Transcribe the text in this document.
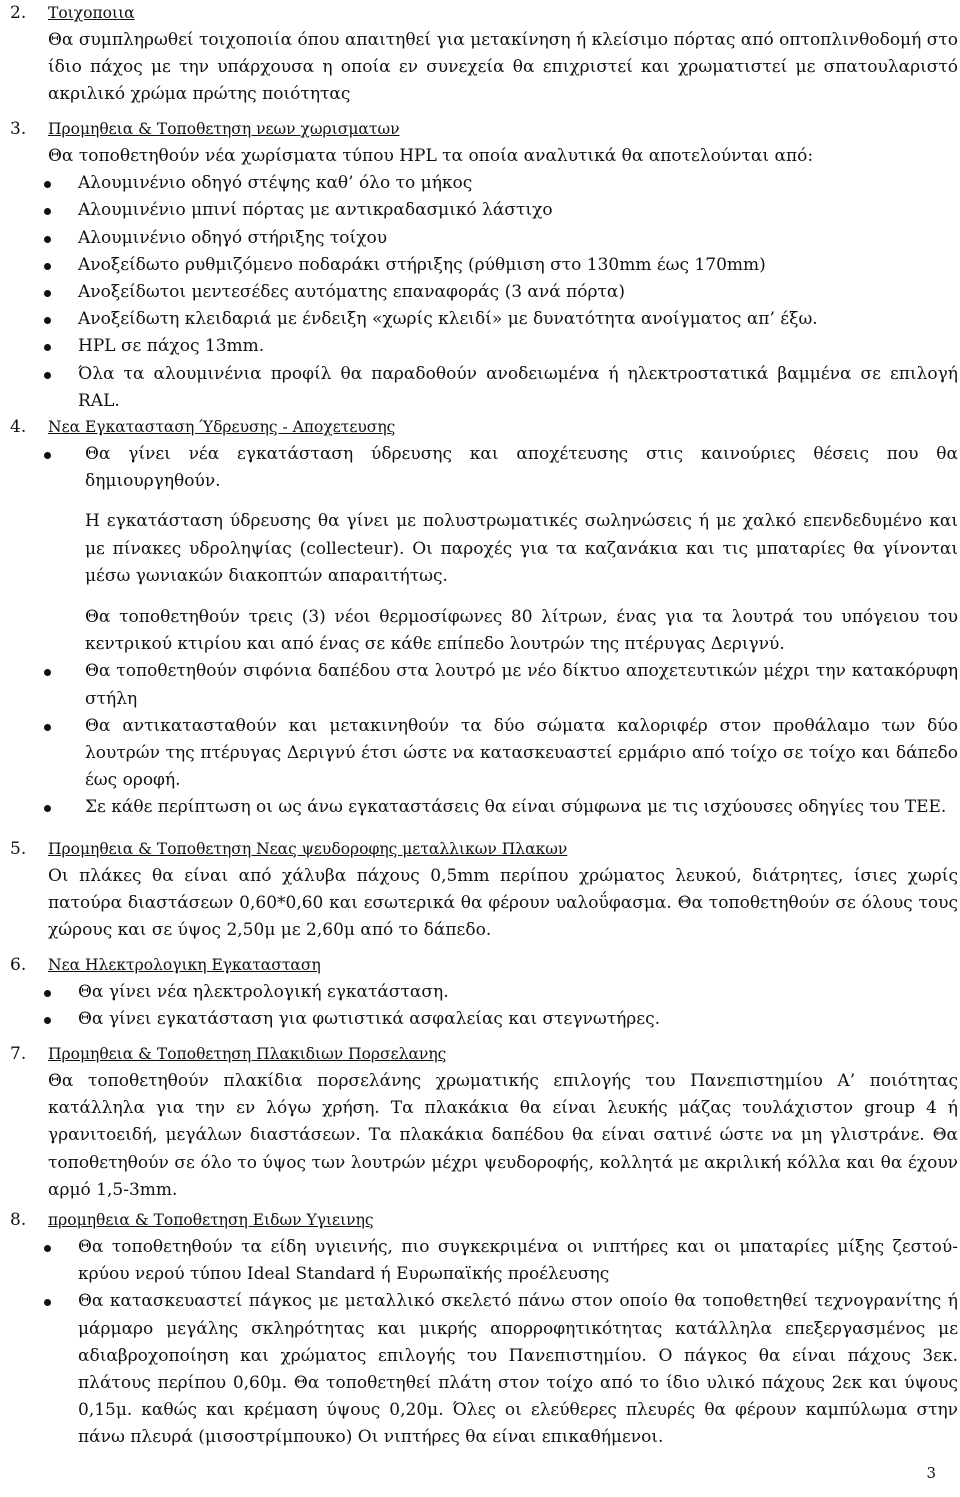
2. Τοιχοποιια
Θα συμπληρωθεί τοιχοποιία όπου απαιτηθεί για μετακίνηση ή κλείσιμο πόρτας από οπτοπλινθοδομή στο ίδιο πάχος με την υπάρχουσα η οποία εν συνεχεία θα επιχριστεί και χρωματιστεί με σπατουλαριστό ακριλικό χρώμα πρώτης ποιότητας
3. Προμηθεια & Τοποθετηση νεων χωρισματων
Θα τοποθετηθούν νέα χωρίσματα τύπου HPL τα οποία αναλυτικά θα αποτελούνται από:
Αλουμινένιο οδηγό στέψης καθ’ όλο το μήκος
Αλουμινένιο μπινί πόρτας με αντικραδασμικό λάστιχο
Αλουμινένιο οδηγό στήριξης τοίχου
Ανοξείδωτο ρυθμιζόμενο ποδαράκι στήριξης (ρύθμιση στο 130mm έως 170mm)
Ανοξείδωτοι μεντεσέδες αυτόματης επαναφοράς (3 ανά πόρτα)
Ανοξείδωτη κλειδαριά με ένδειξη «χωρίς κλειδί» με δυνατότητα ανοίγματος απ’ έξω.
HPL σε πάχος 13mm.
Όλα τα αλουμινένια προφίλ θα παραδοθούν ανοδειωμένα ή ηλεκτροστατικά βαμμένα σε επιλογή RAL.
4. Νεα Εγκατασταση Ύδρευσης - Αποχετευσης
Θα γίνει νέα εγκατάσταση ύδρευσης και αποχέτευσης στις καινούριες θέσεις που θα δημιουργηθούν.
Η εγκατάσταση ύδρευσης θα γίνει με πολυστρωματικές σωληνώσεις ή με χαλκό επενδεδυμένο και με πίνακες υδροληψίας (collecteur). Οι παροχές για τα καζανάκια και τις μπαταρίες θα γίνονται μέσω γωνιακών διακοπτών απαραιτήτως.
Θα τοποθετηθούν τρεις (3) νέοι θερμοσίφωνες 80 λίτρων, ένας για τα λουτρά του υπόγειου του κεντρικού κτιρίου και από ένας σε κάθε επίπεδο λουτρών της πτέρυγας Δεριγνύ.
Θα τοποθετηθούν σιφόνια δαπέδου στα λουτρό με νέο δίκτυο αποχετευτικών μέχρι την κατακόρυφη στήλη
Θα αντικατασταθούν και μετακινηθούν τα δύο σώματα καλοριφέρ στον προθάλαμο των δύο λουτρών της πτέρυγας Δεριγνύ έτσι ώστε να κατασκευαστεί ερμάριο από τοίχο σε τοίχο και δάπεδο έως οροφή.
Σε κάθε περίπτωση οι ως άνω εγκαταστάσεις θα είναι σύμφωνα με τις ισχύουσες οδηγίες του ΤΕΕ.
5. Προμηθεια & Τοποθετηση Νεας ψευδοροφης μεταλλικων Πλακων
Οι πλάκες θα είναι από χάλυβα πάχους 0,5mm περίπου χρώματος λευκού, διάτρητες, ίσιες χωρίς πατούρα διαστάσεων 0,60*0,60 και εσωτερικά θα φέρουν υαλοΰφασμα. Θα τοποθετηθούν σε όλους τους χώρους και σε ύψος 2,50μ με 2,60μ από το δάπεδο.
6. Νεα Ηλεκτρολογικη Εγκατασταση
Θα γίνει νέα ηλεκτρολογική εγκατάσταση.
Θα γίνει εγκατάσταση για φωτιστικά ασφαλείας και στεγνωτήρες.
7. Προμηθεια & Τοποθετηση Πλακιδιων Πορσελανης
Θα τοποθετηθούν πλακίδια πορσελάνης χρωματικής επιλογής του Πανεπιστημίου Α’ ποιότητας κατάλληλα για την εν λόγω χρήση. Τα πλακάκια θα είναι λευκής μάζας τουλάχιστον group 4 ή γρανιτοειδή, μεγάλων διαστάσεων. Τα πλακάκια δαπέδου θα είναι σατινέ ώστε να μη γλιστράνε. Θα τοποθετηθούν σε όλο το ύψος των λουτρών μέχρι ψευδοροφής, κολλητά με ακριλική κόλλα και θα έχουν αρμό 1,5-3mm.
8. προμηθεια & Τοποθετηση Ειδων Υγιεινης
Θα τοποθετηθούν τα είδη υγιεινής, πιο συγκεκριμένα οι νιπτήρες και οι μπαταρίες μίξης ζεστού-κρύου νερού τύπου Ideal Standard ή Ευρωπαϊκής προέλευσης
Θα κατασκευαστεί πάγκος με μεταλλικό σκελετό πάνω στον οποίο θα τοποθετηθεί τεχνογρανίτης ή μάρμαρο μεγάλης σκληρότητας και μικρής απορροφητικότητας κατάλληλα επεξεργασμένος με αδιαβροχοποίηση και χρώματος επιλογής του Πανεπιστημίου. Ο πάγκος θα είναι πάχους 3εκ. πλάτους περίπου 0,60μ. Θα τοποθετηθεί πλάτη στον τοίχο από το ίδιο υλικό πάχους 2εκ και ύψους 0,15μ. καθώς και κρέμαση ύψους 0,20μ. Όλες οι ελεύθερες πλευρές θα φέρουν καμπύλωμα στην πάνω πλευρά (μισοστρίμπουκο) Οι νιπτήρες θα είναι επικαθήμενοι.
3
